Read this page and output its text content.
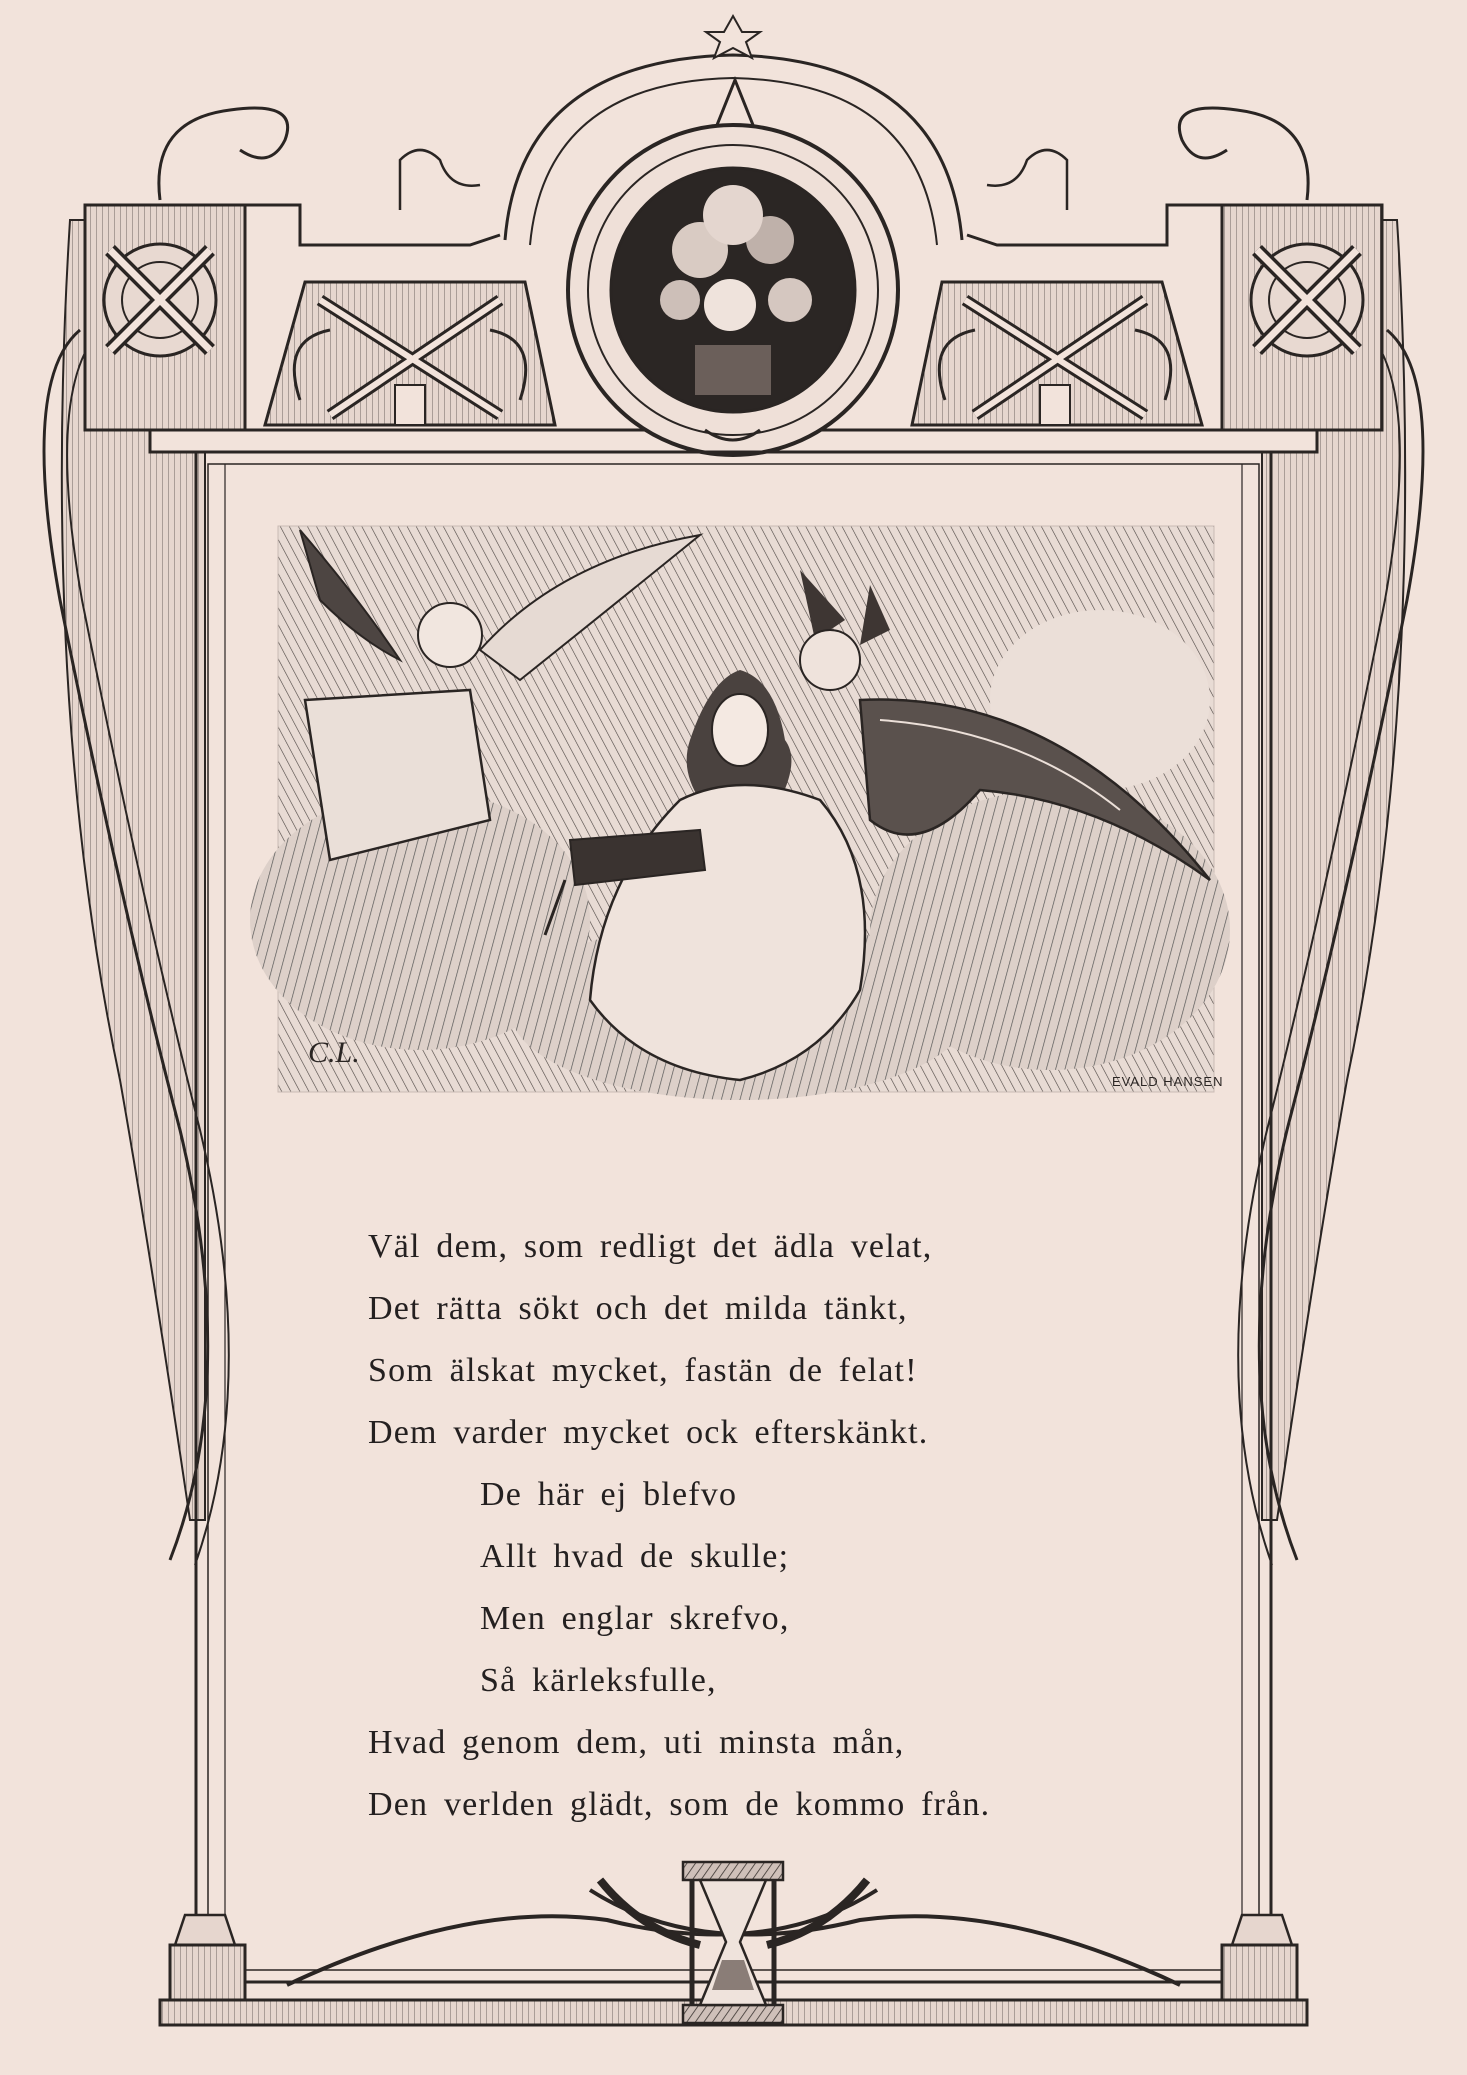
C.L.
EVALD HANSEN
Väl dem, som redligt det ädla velat,
Det rätta sökt och det milda tänkt,
Som älskat mycket, fastän de felat!
Dem varder mycket ock efterskänkt.
De här ej blefvo
Allt hvad de skulle;
Men englar skrefvo,
Så kärleksfulle,
Hvad genom dem, uti minsta mån,
Den verlden glädt, som de kommo från.
